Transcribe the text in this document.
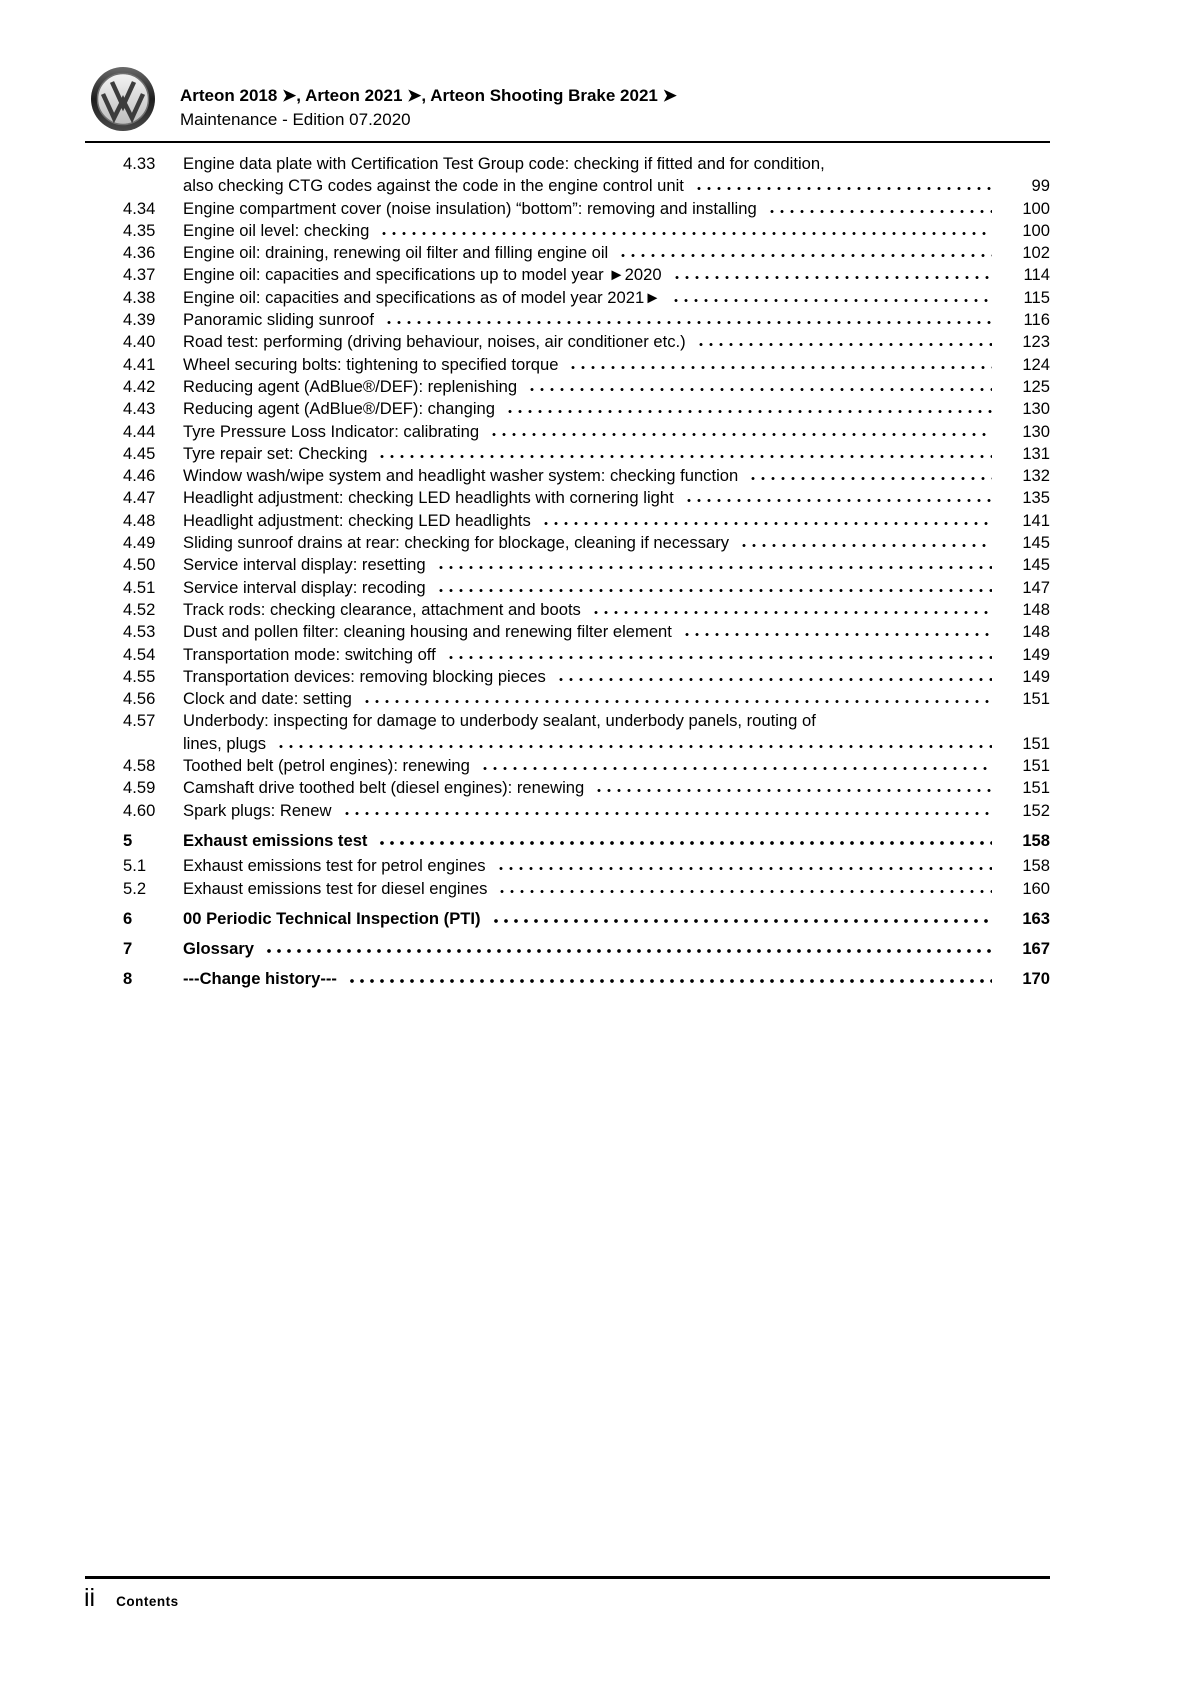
Arteon 2018 ➤, Arteon 2021 ➤, Arteon Shooting Brake 2021 ➤
Maintenance - Edition 07.2020
4.33	Engine data plate with Certification Test Group code: checking if fitted and for condition,
also checking CTG codes against the code in the engine control unit	99
4.34	Engine compartment cover (noise insulation) “bottom”: removing and installing	100
4.35	Engine oil level: checking	100
4.36	Engine oil: draining, renewing oil filter and filling engine oil	102
4.37	Engine oil: capacities and specifications up to model year ►2020	114
4.38	Engine oil: capacities and specifications as of model year 2021►	115
4.39	Panoramic sliding sunroof	116
4.40	Road test: performing (driving behaviour, noises, air conditioner etc.)	123
4.41	Wheel securing bolts: tightening to specified torque	124
4.42	Reducing agent (AdBlue®/DEF): replenishing	125
4.43	Reducing agent (AdBlue®/DEF): changing	130
4.44	Tyre Pressure Loss Indicator: calibrating	130
4.45	Tyre repair set: Checking	131
4.46	Window wash/wipe system and headlight washer system: checking function	132
4.47	Headlight adjustment: checking LED headlights with cornering light	135
4.48	Headlight adjustment: checking LED headlights	141
4.49	Sliding sunroof drains at rear: checking for blockage, cleaning if necessary	145
4.50	Service interval display: resetting	145
4.51	Service interval display: recoding	147
4.52	Track rods: checking clearance, attachment and boots	148
4.53	Dust and pollen filter: cleaning housing and renewing filter element	148
4.54	Transportation mode: switching off	149
4.55	Transportation devices: removing blocking pieces	149
4.56	Clock and date: setting	151
4.57	Underbody: inspecting for damage to underbody sealant, underbody panels, routing of
lines, plugs	151
4.58	Toothed belt (petrol engines): renewing	151
4.59	Camshaft drive toothed belt (diesel engines): renewing	151
4.60	Spark plugs: Renew	152
5	Exhaust emissions test	158
5.1	Exhaust emissions test for petrol engines	158
5.2	Exhaust emissions test for diesel engines	160
6	00 Periodic Technical Inspection (PTI)	163
7	Glossary	167
8	---Change history---	170
ii Contents
